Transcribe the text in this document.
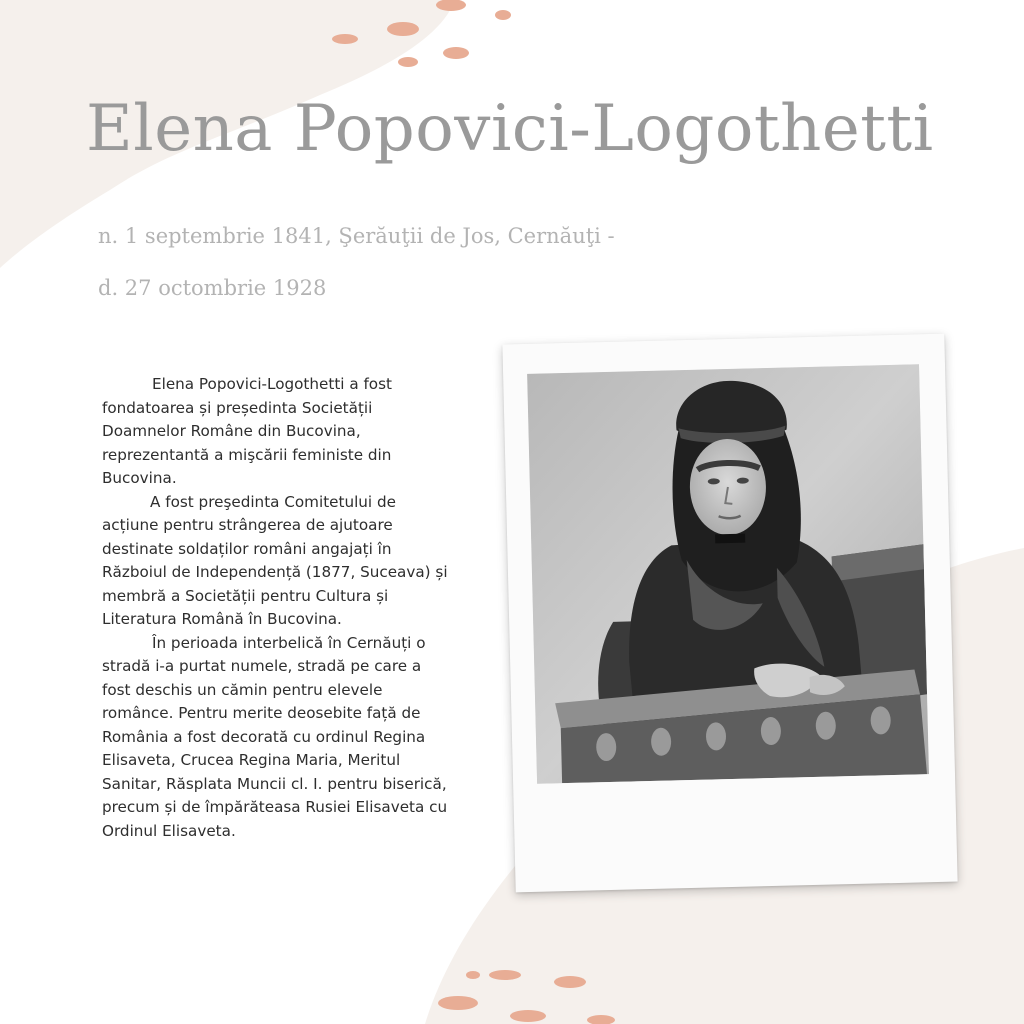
Elena Popovici-Logothetti

n. 1 septembrie 1841, Şerăuţii de Jos, Cernăuţi -

d. 27 octombrie 1928

Elena Popovici-Logothetti a fost fondatoarea și președinta Societății Doamnelor Române din Bucovina, reprezentantă a mişcării feministe din Bucovina.

A fost preşedinta Comitetului de acțiune pentru strângerea de ajutoare destinate soldaților români angajați în Războiul de Independență (1877, Suceava) și membră a Societății pentru Cultura și Literatura Română în Bucovina.

În perioada interbelică în Cernăuți o stradă i-a purtat numele, stradă pe care a fost deschis un cămin pentru elevele românce. Pentru merite deosebite față de România a fost decorată cu ordinul Regina Elisaveta, Crucea Regina Maria, Meritul Sanitar, Răsplata Muncii cl. I. pentru biserică, precum și de împărăteasa Rusiei Elisaveta cu Ordinul Elisaveta.
